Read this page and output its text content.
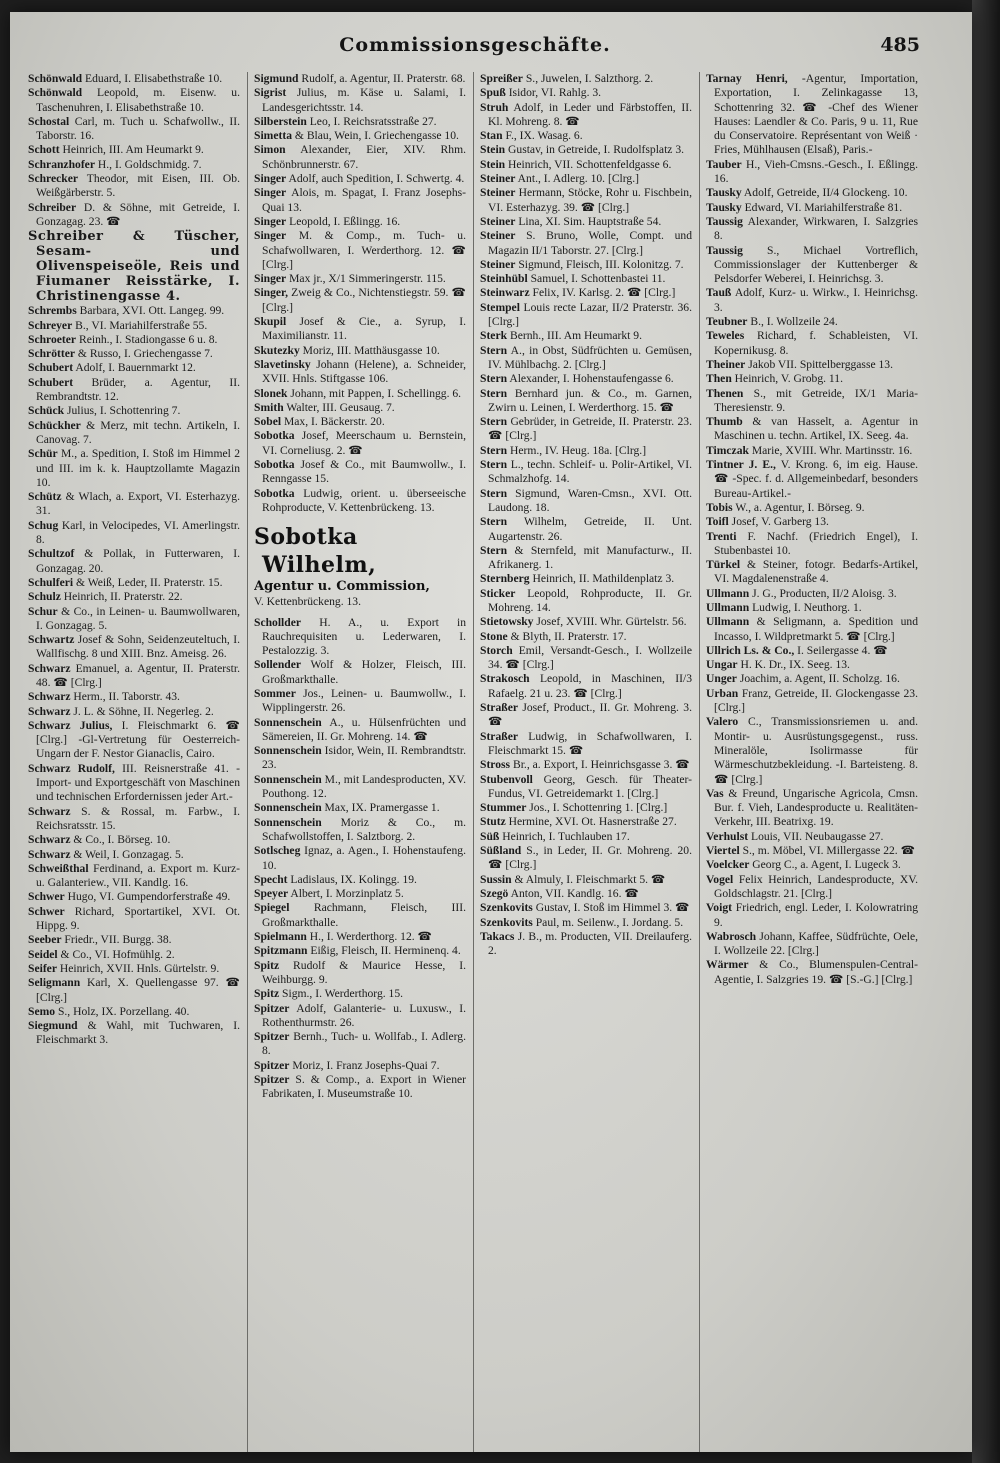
Commissionsgeschäfte.	485
Schönwald Eduard, I. Elisabethstraße 10.
Schönwald Leopold, m. Eisenw. u. Taschenuhren, I. Elisabethstraße 10.
Schostal Carl, m. Tuch u. Schafwollw., II. Taborstr. 16.
Schott Heinrich, III. Am Heumarkt 9.
Schranzhofer H., I. Goldschmidg. 7.
Schrecker Theodor, mit Eisen, III. Ob. Weißgärberstr. 5.
Schreiber D. & Söhne, mit Getreide, I. Gonzagag. 23. ☎
Schreiber & Tüscher, Sesam- und Olivenspeiseöle, Reis und Fiumaner Reisstärke, I. Christinengasse 4.
Schrembs Barbara, XVI. Ott. Langeg. 99.
Schreyer B., VI. Mariahilferstraße 55.
Schroeter Reinh., I. Stadiongasse 6 u. 8.
Schrötter & Russo, I. Griechengasse 7.
Schubert Adolf, I. Bauernmarkt 12.
Schubert Brüder, a. Agentur, II. Rembrandtstr. 12.
Schück Julius, I. Schottenring 7.
Schückher & Merz, mit techn. Artikeln, I. Canovag. 7.
Schür M., a. Spedition, I. Stoß im Himmel 2 und III. im k. k. Hauptzollamte Magazin 10.
Schütz & Wlach, a. Export, VI. Esterhazyg. 31.
Schug Karl, in Velocipedes, VI. Amerlingstr. 8.
Schultzof & Pollak, in Futterwaren, I. Gonzagag. 20.
Schulferi & Weiß, Leder, II. Praterstr. 15.
Schulz Heinrich, II. Praterstr. 22.
Schur & Co., in Leinen- u. Baumwollwaren, I. Gonzagag. 5.
Schwartz Josef & Sohn, Seidenzeuteltuch, I. Wallfischg. 8 und XIII. Bnz. Ameisg. 26.
Schwarz Emanuel, a. Agentur, II. Praterstr. 48. ☎ [Clrg.]
Schwarz Herm., II. Taborstr. 43.
Schwarz J. L. & Söhne, II. Negerleg. 2.
Schwarz Julius, I. Fleischmarkt 6. ☎ [Clrg.] -Gl-Vertretung für Oesterreich-Ungarn der F. Nestor Gianaclis, Cairo.
Schwarz Rudolf, III. Reisnerstraße 41. -Import- und Exportgeschäft von Maschinen und technischen Erfordernissen jeder Art.-
Schwarz S. & Rossal, m. Farbw., I. Reichsratsstr. 15.
Schwarz & Co., I. Börseg. 10.
Schwarz & Weil, I. Gonzagag. 5.
Schweißthal Ferdinand, a. Export m. Kurz- u. Galanteriew., VII. Kandlg. 16.
Schwer Hugo, VI. Gumpendorferstraße 49.
Schwer Richard, Sportartikel, XVI. Ot. Hippg. 9.
Seeber Friedr., VII. Burgg. 38.
Seidel & Co., VI. Hofmühlg. 2.
Seifer Heinrich, XVII. Hnls. Gürtelstr. 9.
Seligmann Karl, X. Quellengasse 97. ☎ [Clrg.]
Semo S., Holz, IX. Porzellang. 40.
Siegmund & Wahl, mit Tuchwaren, I. Fleischmarkt 3.
Sigmund Rudolf, a. Agentur, II. Praterstr. 68.
Sigrist Julius, m. Käse u. Salami, I. Landesgerichtsstr. 14.
Silberstein Leo, I. Reichsratsstraße 27.
Simetta & Blau, Wein, I. Griechengasse 10.
Simon Alexander, Eier, XIV. Rhm. Schönbrunnerstr. 67.
Singer Adolf, auch Spedition, I. Schwertg. 4.
Singer Alois, m. Spagat, I. Franz Josephs-Quai 13.
Singer Leopold, I. Eßlingg. 16.
Singer M. & Comp., m. Tuch- u. Schafwollwaren, I. Werderthorg. 12. ☎ [Clrg.]
Singer Max jr., X/1 Simmeringerstr. 115.
Singer, Zweig & Co., Nichtenstiegstr. 59. ☎ [Clrg.]
Skupil Josef & Cie., a. Syrup, I. Maximilianstr. 11.
Skutezky Moriz, III. Matthäusgasse 10.
Slavetinsky Johann (Helene), a. Schneider, XVII. Hnls. Stiftgasse 106.
Slonek Johann, mit Pappen, I. Schellingg. 6.
Smith Walter, III. Geusaug. 7.
Sobel Max, I. Bäckerstr. 20.
Sobotka Josef, Meerschaum u. Bernstein, VI. Corneliusg. 2. ☎
Sobotka Josef & Co., mit Baumwollw., I. Renngasse 15.
Sobotka Ludwig, orient. u. überseeische Rohproducte, V. Kettenbrückeng. 13.
Sobotka Wilhelm,
Agentur u. Commission,
V. Kettenbrückeng. 13.
Schollder H. A., u. Export in Rauchrequisiten u. Lederwaren, I. Pestalozzig. 3.
Sollender Wolf & Holzer, Fleisch, III. Großmarkthalle.
Sommer Jos., Leinen- u. Baumwollw., I. Wipplingerstr. 26.
Sonnenschein A., u. Hülsenfrüchten und Sämereien, II. Gr. Mohreng. 14. ☎
Sonnenschein Isidor, Wein, II. Rembrandtstr. 23.
Sonnenschein M., mit Landesproducten, XV. Pouthong. 12.
Sonnenschein Max, IX. Pramergasse 1.
Sonnenschein Moriz & Co., m. Schafwollstoffen, I. Salztborg. 2.
Sotlscheg Ignaz, a. Agen., I. Hohenstaufeng. 10.
Specht Ladislaus, IX. Kolingg. 19.
Speyer Albert, I. Morzinplatz 5.
Spiegel Rachmann, Fleisch, III. Großmarkthalle.
Spielmann H., I. Werderthorg. 12. ☎
Spitzmann Eißig, Fleisch, II. Herminenq. 4.
Spitz Rudolf & Maurice Hesse, I. Weihburgg. 9.
Spitz Sigm., I. Werderthorg. 15.
Spitzer Adolf, Galanterie- u. Luxusw., I. Rothenthurmstr. 26.
Spitzer Bernh., Tuch- u. Wollfab., I. Adlerg. 8.
Spitzer Moriz, I. Franz Josephs-Quai 7.
Spitzer S. & Comp., a. Export in Wiener Fabrikaten, I. Museumstraße 10.
Spreißer S., Juwelen, I. Salzthorg. 2.
Spuß Isidor, VI. Rahlg. 3.
Struh Adolf, in Leder und Färbstoffen, II. Kl. Mohreng. 8. ☎
Stan F., IX. Wasag. 6.
Stein Gustav, in Getreide, I. Rudolfsplatz 3.
Stein Heinrich, VII. Schottenfeldgasse 6.
Steiner Ant., I. Adlerg. 10. [Clrg.]
Steiner Hermann, Stöcke, Rohr u. Fischbein, VI. Esterhazyg. 39. ☎ [Clrg.]
Steiner Lina, XI. Sim. Hauptstraße 54.
Steiner S. Bruno, Wolle, Compt. und Magazin II/1 Taborstr. 27. [Clrg.]
Steiner Sigmund, Fleisch, III. Kolonitzg. 7.
Steinhübl Samuel, I. Schottenbastei 11.
Steinwarz Felix, IV. Karlsg. 2. ☎ [Clrg.]
Stempel Louis recte Lazar, II/2 Praterstr. 36. [Clrg.]
Sterk Bernh., III. Am Heumarkt 9.
Stern A., in Obst, Südfrüchten u. Gemüsen, IV. Mühlbachg. 2. [Clrg.]
Stern Alexander, I. Hohenstaufengasse 6.
Stern Bernhard jun. & Co., m. Garnen, Zwirn u. Leinen, I. Werderthorg. 15. ☎
Stern Gebrüder, in Getreide, II. Praterstr. 23. ☎ [Clrg.]
Stern Herm., IV. Heug. 18a. [Clrg.]
Stern L., techn. Schleif- u. Polir-Artikel, VI. Schmalzhofg. 14.
Stern Sigmund, Waren-Cmsn., XVI. Ott. Laudong. 18.
Stern Wilhelm, Getreide, II. Unt. Augartenstr. 26.
Stern & Sternfeld, mit Manufacturw., II. Afrikanerg. 1.
Sternberg Heinrich, II. Mathildenplatz 3.
Sticker Leopold, Rohproducte, II. Gr. Mohreng. 14.
Stietowsky Josef, XVIII. Whr. Gürtelstr. 56.
Stone & Blyth, II. Praterstr. 17.
Storch Emil, Versandt-Gesch., I. Wollzeile 34. ☎ [Clrg.]
Strakosch Leopold, in Maschinen, II/3 Rafaelg. 21 u. 23. ☎ [Clrg.]
Straßer Josef, Product., II. Gr. Mohreng. 3. ☎
Straßer Ludwig, in Schafwollwaren, I. Fleischmarkt 15. ☎
Stross Br., a. Export, I. Heinrichsgasse 3. ☎
Stubenvoll Georg, Gesch. für Theater-Fundus, VI. Getreidemarkt 1. [Clrg.]
Stummer Jos., I. Schottenring 1. [Clrg.]
Stutz Hermine, XVI. Ot. Hasnerstraße 27.
Süß Heinrich, I. Tuchlauben 17.
Süßland S., in Leder, II. Gr. Mohreng. 20. ☎ [Clrg.]
Sussin & Almuly, I. Fleischmarkt 5. ☎
Szegö Anton, VII. Kandlg. 16. ☎
Szenkovits Gustav, I. Stoß im Himmel 3. ☎
Szenkovits Paul, m. Seilenw., I. Jordang. 5.
Takacs J. B., m. Producten, VII. Dreilauferg. 2.
Tarnay Henri, -Agentur, Importation, Exportation, I. Zelinkagasse 13, Schottenring 32. ☎ -Chef des Wiener Hauses: Laendler & Co. Paris, 9 u. 11, Rue du Conservatoire. Représentant von Weiß · Fries, Mühlhausen (Elsaß), Paris.-
Tauber H., Vieh-Cmsns.-Gesch., I. Eßlingg. 16.
Tausky Adolf, Getreide, II/4 Glockeng. 10.
Tausky Edward, VI. Mariahilferstraße 81.
Taussig Alexander, Wirkwaren, I. Salzgries 8.
Taussig S., Michael Vortreflich, Commissionslager der Kuttenberger & Pelsdorfer Weberei, I. Heinrichsg. 3.
Tauß Adolf, Kurz- u. Wirkw., I. Heinrichsg. 3.
Teubner B., I. Wollzeile 24.
Teweles Richard, f. Schableisten, VI. Kopernikusg. 8.
Theiner Jakob VII. Spittelberggasse 13.
Then Heinrich, V. Grobg. 11.
Thenen S., mit Getreide, IX/1 Maria-Theresienstr. 9.
Thumb & van Hasselt, a. Agentur in Maschinen u. techn. Artikel, IX. Seeg. 4a.
Timczak Marie, XVIII. Whr. Martinsstr. 16.
Tintner J. E., V. Krong. 6, im eig. Hause. ☎ -Spec. f. d. Allgemeinbedarf, besonders Bureau-Artikel.-
Tobis W., a. Agentur, I. Börseg. 9.
Toifl Josef, V. Garberg 13.
Trenti F. Nachf. (Friedrich Engel), I. Stubenbastei 10.
Türkel & Steiner, fotogr. Bedarfs-Artikel, VI. Magdalenenstraße 4.
Ullmann J. G., Producten, II/2 Aloisg. 3.
Ullmann Ludwig, I. Neuthorg. 1.
Ullmann & Seligmann, a. Spedition und Incasso, I. Wildpretmarkt 5. ☎ [Clrg.]
Ullrich Ls. & Co., I. Seilergasse 4. ☎
Ungar H. K. Dr., IX. Seeg. 13.
Unger Joachim, a. Agent, II. Scholzg. 16.
Urban Franz, Getreide, II. Glockengasse 23. [Clrg.]
Valero C., Transmissionsriemen u. and. Montir- u. Ausrüstungsgegenst., russ. Mineralöle, Isolirmasse für Wärmeschutzbekleidung. -I. Barteisteng. 8. ☎ [Clrg.]
Vas & Freund, Ungarische Agricola, Cmsn. Bur. f. Vieh, Landesproducte u. Realitäten-Verkehr, III. Beatrixg. 19.
Verhulst Louis, VII. Neubaugasse 27.
Viertel S., m. Möbel, VI. Millergasse 22. ☎
Voelcker Georg C., a. Agent, I. Lugeck 3.
Vogel Felix Heinrich, Landesproducte, XV. Goldschlagstr. 21. [Clrg.]
Voigt Friedrich, engl. Leder, I. Kolowratring 9.
Wabrosch Johann, Kaffee, Südfrüchte, Oele, I. Wollzeile 22. [Clrg.]
Wärmer & Co., Blumenspulen-Central-Agentie, I. Salzgries 19. ☎ [S.-G.] [Clrg.]
